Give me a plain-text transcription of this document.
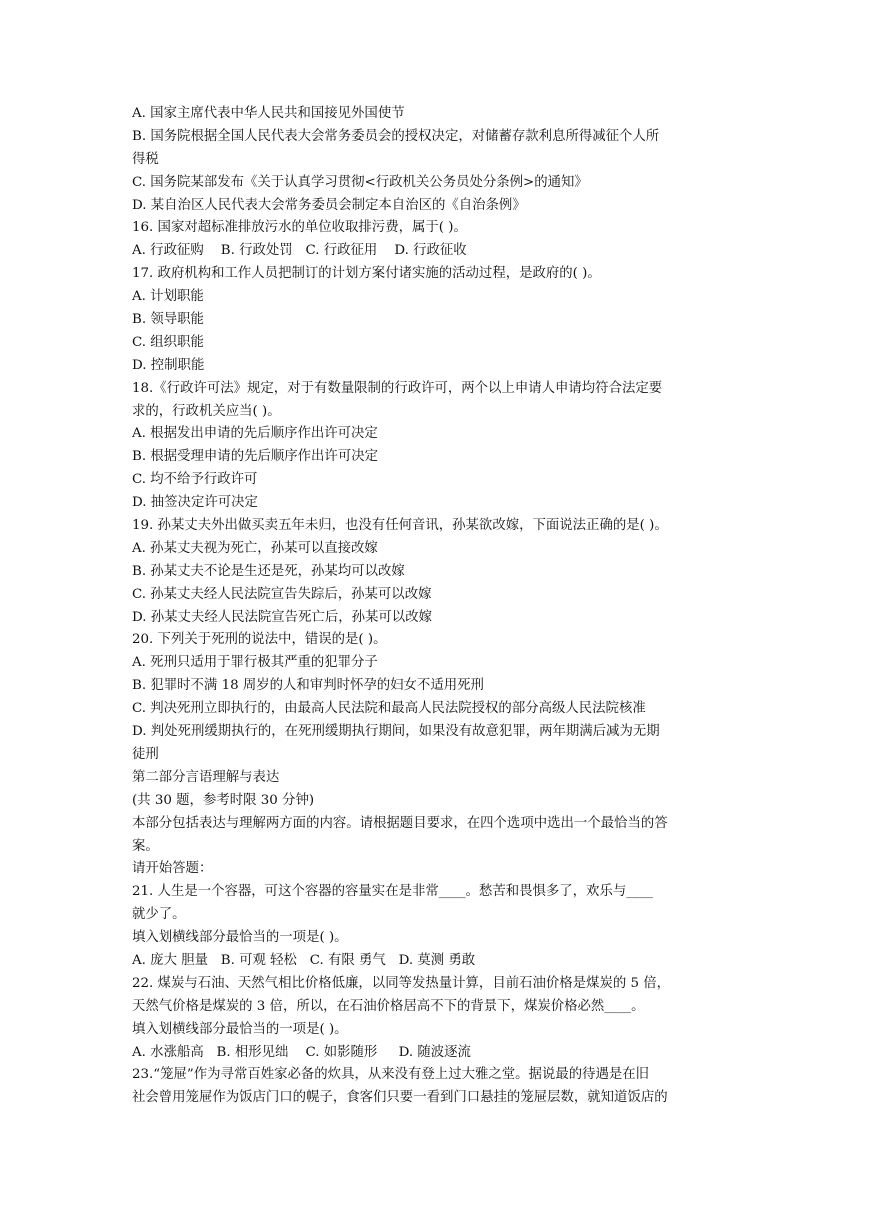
A. 国家主席代表中华人民共和国接见外国使节
B. 国务院根据全国人民代表大会常务委员会的授权决定，对储蓄存款利息所得减征个人所
得税
C. 国务院某部发布《关于认真学习贯彻<行政机关公务员处分条例>的通知》
D. 某自治区人民代表大会常务委员会制定本自治区的《自治条例》
16. 国家对超标准排放污水的单位收取排污费，属于( )。
A. 行政征购    B. 行政处罚   C. 行政征用    D. 行政征收
17. 政府机构和工作人员把制订的计划方案付诸实施的活动过程，是政府的( )。
A. 计划职能
B. 领导职能
C. 组织职能
D. 控制职能
18.《行政许可法》规定，对于有数量限制的行政许可，两个以上申请人申请均符合法定要
求的，行政机关应当( )。
A. 根据发出申请的先后顺序作出许可决定
B. 根据受理申请的先后顺序作出许可决定
C. 均不给予行政许可
D. 抽签决定许可决定
19. 孙某丈夫外出做买卖五年未归，也没有任何音讯，孙某欲改嫁，下面说法正确的是( )。
A. 孙某丈夫视为死亡，孙某可以直接改嫁
B. 孙某丈夫不论是生还是死，孙某均可以改嫁
C. 孙某丈夫经人民法院宣告失踪后，孙某可以改嫁
D. 孙某丈夫经人民法院宣告死亡后，孙某可以改嫁
20. 下列关于死刑的说法中，错误的是( )。
A. 死刑只适用于罪行极其严重的犯罪分子
B. 犯罪时不满 18 周岁的人和审判时怀孕的妇女不适用死刑
C. 判决死刑立即执行的，由最高人民法院和最高人民法院授权的部分高级人民法院核准
D. 判处死刑缓期执行的，在死刑缓期执行期间，如果没有故意犯罪，两年期满后减为无期
徒刑
第二部分言语理解与表达
(共 30 题，参考时限 30 分钟)
本部分包括表达与理解两方面的内容。请根据题目要求，在四个选项中选出一个最恰当的答
案。
请开始答题：
21. 人生是一个容器，可这个容器的容量实在是非常____。愁苦和畏惧多了，欢乐与____
就少了。
填入划横线部分最恰当的一项是( )。
A. 庞大 胆量   B. 可观 轻松   C. 有限 勇气   D. 莫测 勇敢
22. 煤炭与石油、天然气相比价格低廉，以同等发热量计算，目前石油价格是煤炭的 5 倍，
天然气价格是煤炭的 3 倍，所以，在石油价格居高不下的背景下，煤炭价格必然____。
填入划横线部分最恰当的一项是( )。
A. 水涨船高   B. 相形见绌    C. 如影随形     D. 随波逐流
23.“笼屉”作为寻常百姓家必备的炊具，从来没有登上过大雅之堂。据说最的待遇是在旧
社会曾用笼屉作为饭店门口的幌子，食客们只要一看到门口悬挂的笼屉层数，就知道饭店的
